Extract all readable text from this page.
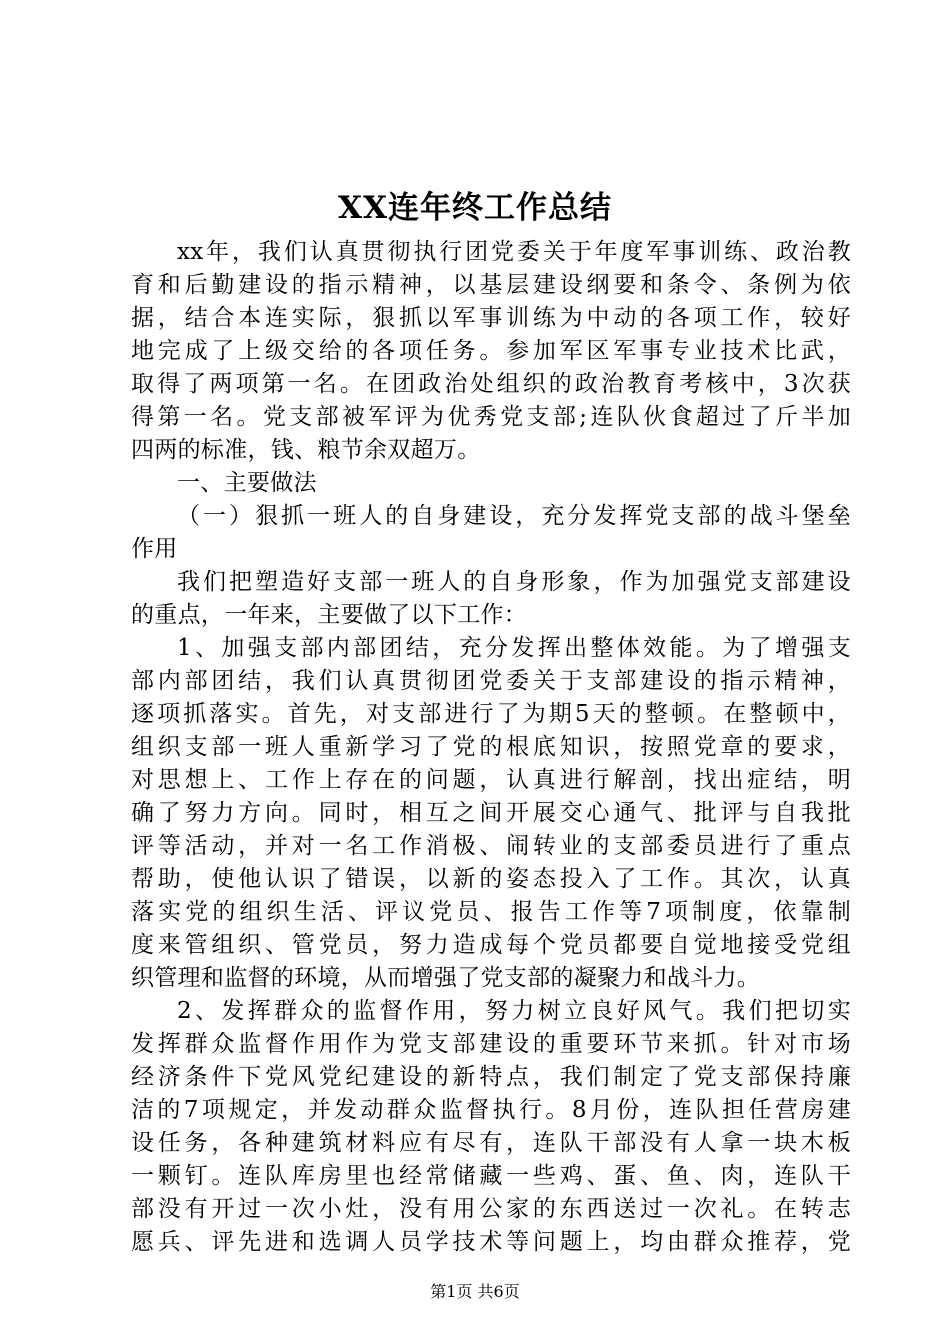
XX连年终工作总结
xx年，我们认真贯彻执行团党委关于年度军事训练、政治教
育和后勤建设的指示精神，以基层建设纲要和条令、条例为依
据，结合本连实际，狠抓以军事训练为中动的各项工作，较好
地完成了上级交给的各项任务。参加军区军事专业技术比武，
取得了两项第一名。在团政治处组织的政治教育考核中，3次获
得第一名。党支部被军评为优秀党支部;连队伙食超过了斤半加
四两的标准，钱、粮节余双超万。
一、主要做法
（一）狠抓一班人的自身建设，充分发挥党支部的战斗堡垒
作用
我们把塑造好支部一班人的自身形象，作为加强党支部建设
的重点，一年来，主要做了以下工作：
1、加强支部内部团结，充分发挥出整体效能。为了增强支
部内部团结，我们认真贯彻团党委关于支部建设的指示精神，
逐项抓落实。首先，对支部进行了为期5天的整顿。在整顿中，
组织支部一班人重新学习了党的根底知识，按照党章的要求，
对思想上、工作上存在的问题，认真进行解剖，找出症结，明
确了努力方向。同时，相互之间开展交心通气、批评与自我批
评等活动，并对一名工作消极、闹转业的支部委员进行了重点
帮助，使他认识了错误，以新的姿态投入了工作。其次，认真
落实党的组织生活、评议党员、报告工作等7项制度，依靠制
度来管组织、管党员，努力造成每个党员都要自觉地接受党组
织管理和监督的环境，从而增强了党支部的凝聚力和战斗力。
2、发挥群众的监督作用，努力树立良好风气。我们把切实
发挥群众监督作用作为党支部建设的重要环节来抓。针对市场
经济条件下党风党纪建设的新特点，我们制定了党支部保持廉
洁的7项规定，并发动群众监督执行。8月份，连队担任营房建
设任务，各种建筑材料应有尽有，连队干部没有人拿一块木板
一颗钉。连队库房里也经常储藏一些鸡、蛋、鱼、肉，连队干
部没有开过一次小灶，没有用公家的东西送过一次礼。在转志
愿兵、评先进和选调人员学技术等问题上，均由群众推荐，党
第1页 共6页
